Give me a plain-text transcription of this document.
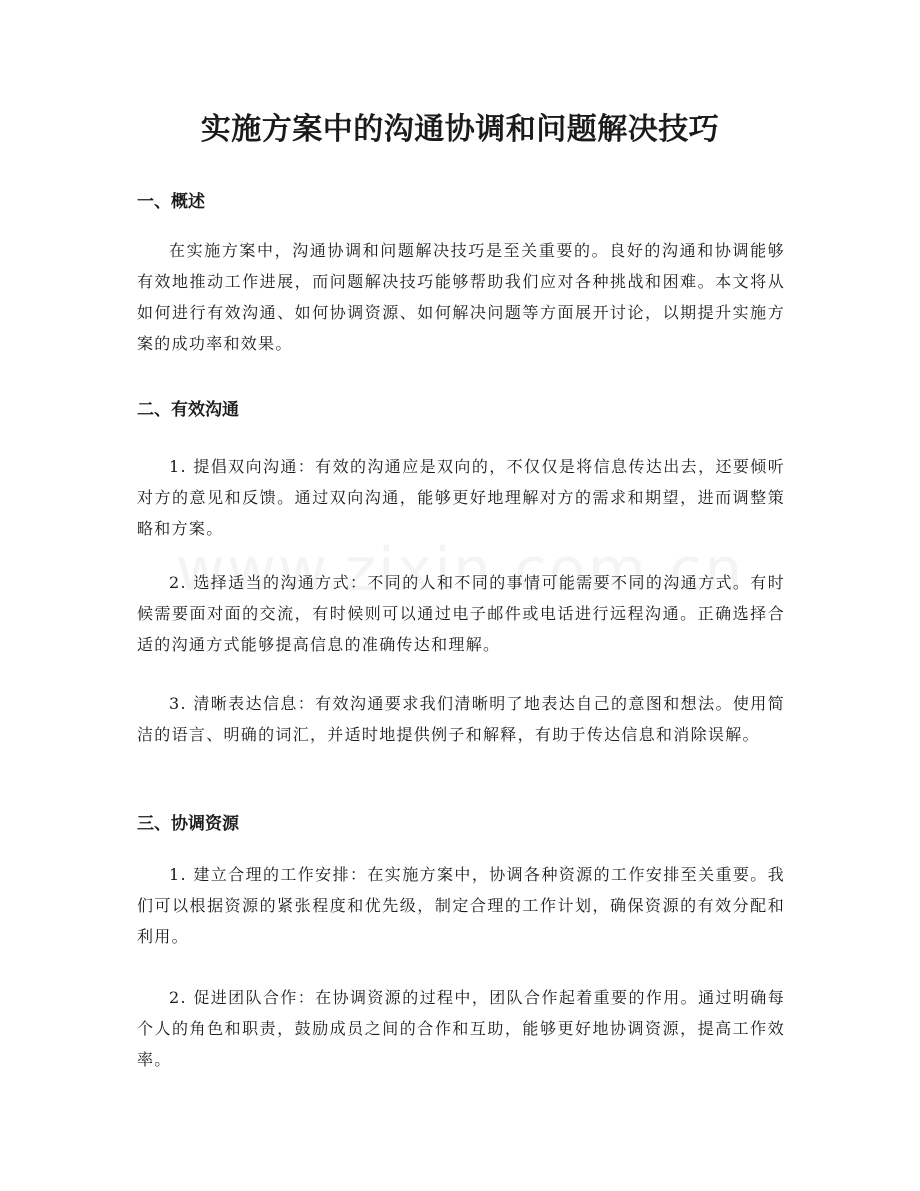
实施方案中的沟通协调和问题解决技巧
一、概述

在实施方案中，沟通协调和问题解决技巧是至关重要的。良好的沟通和协调能够有效地推动工作进展，而问题解决技巧能够帮助我们应对各种挑战和困难。本文将从如何进行有效沟通、如何协调资源、如何解决问题等方面展开讨论，以期提升实施方案的成功率和效果。

二、有效沟通

1. 提倡双向沟通：有效的沟通应是双向的，不仅仅是将信息传达出去，还要倾听对方的意见和反馈。通过双向沟通，能够更好地理解对方的需求和期望，进而调整策略和方案。

2. 选择适当的沟通方式：不同的人和不同的事情可能需要不同的沟通方式。有时候需要面对面的交流，有时候则可以通过电子邮件或电话进行远程沟通。正确选择合适的沟通方式能够提高信息的准确传达和理解。

3. 清晰表达信息：有效沟通要求我们清晰明了地表达自己的意图和想法。使用简洁的语言、明确的词汇，并适时地提供例子和解释，有助于传达信息和消除误解。

三、协调资源

1. 建立合理的工作安排：在实施方案中，协调各种资源的工作安排至关重要。我们可以根据资源的紧张程度和优先级，制定合理的工作计划，确保资源的有效分配和利用。

2. 促进团队合作：在协调资源的过程中，团队合作起着重要的作用。通过明确每个人的角色和职责，鼓励成员之间的合作和互助，能够更好地协调资源，提高工作效率。
